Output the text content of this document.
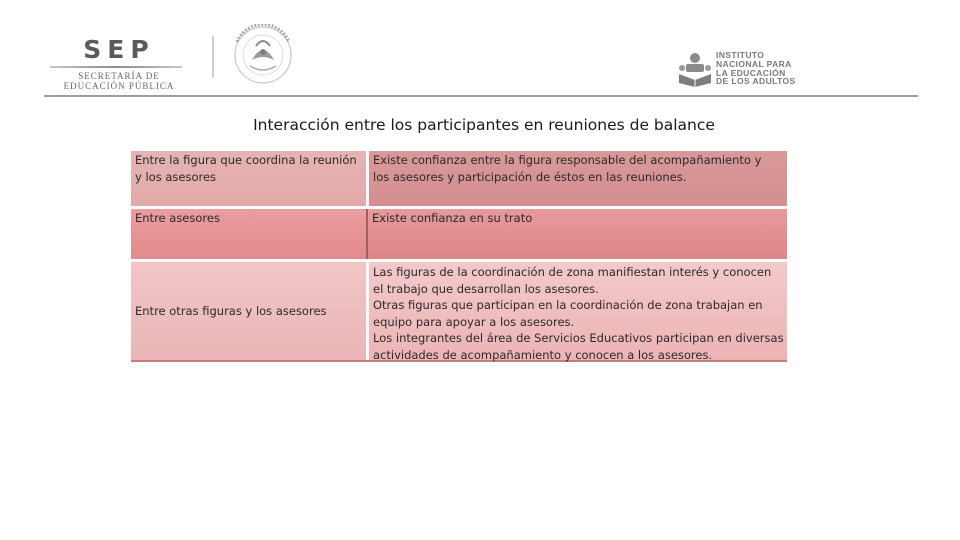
SEP
SECRETARÍA DE
EDUCACIÓN PÚBLICA
INSTITUTO
NACIONAL PARA
LA EDUCACIÓN
DE LOS ADULTOS
Interacción entre los participantes en reuniones de balance
Entre la figura que coordina la reunión
y los asesores
Existe confianza entre la figura responsable del acompañamiento y
los asesores y participación de éstos en las reuniones.
Entre asesores	Existe confianza en su trato
Entre otras figuras y los asesores
Las figuras de la coordinación de zona manifiestan interés y conocen
el trabajo que desarrollan los asesores.
Otras figuras que participan en la coordinación de zona trabajan en
equipo para apoyar a los asesores.
Los integrantes del área de Servicios Educativos participan en diversas
actividades de acompañamiento y conocen a los asesores.
